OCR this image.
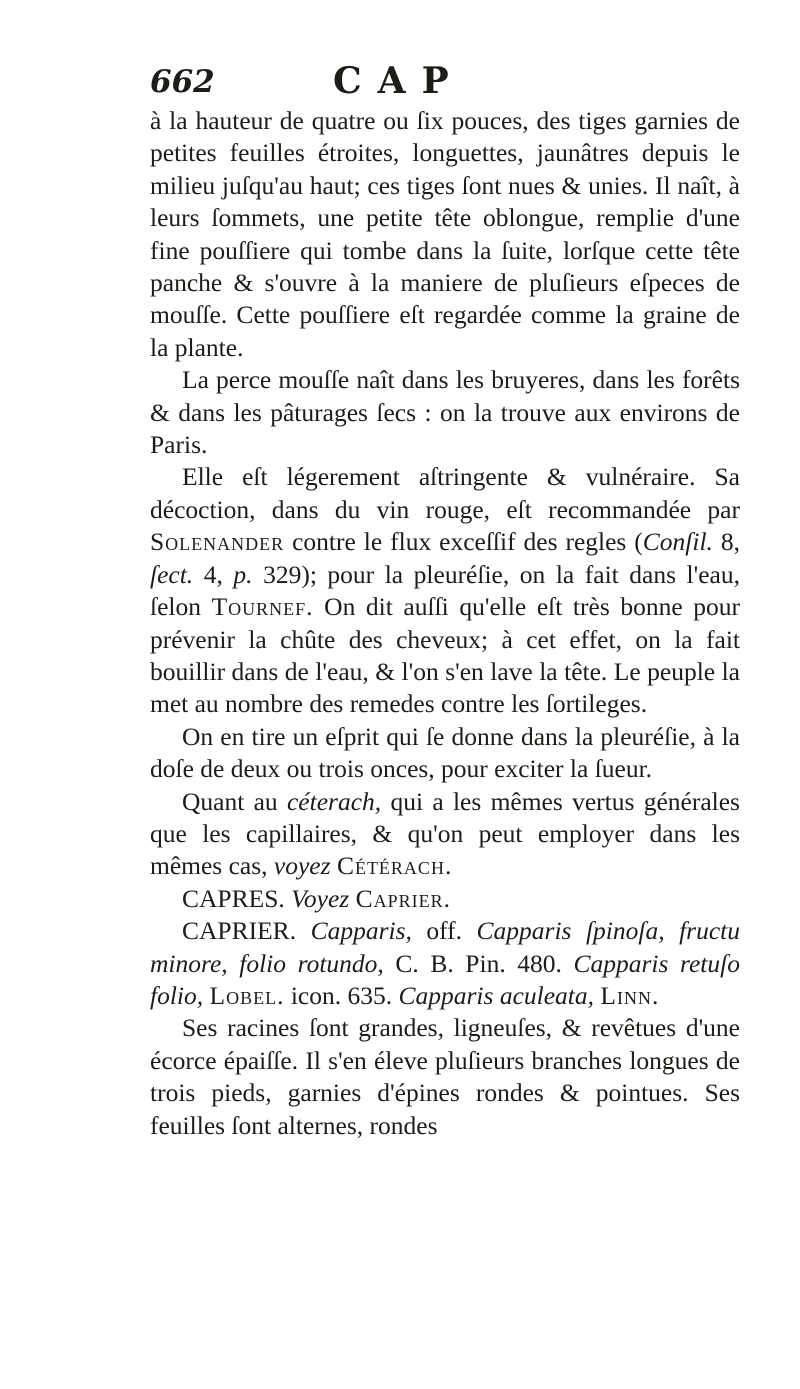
662	CAP

à la hauteur de quatre ou ſix pouces, des tiges garnies de petites feuilles étroites, longuettes, jaunâtres depuis le milieu juſqu'au haut; ces tiges ſont nues & unies. Il naît, à leurs ſommets, une petite tête oblongue, remplie d'une fine pouſſiere qui tombe dans la ſuite, lorſque cette tête panche & s'ouvre à la maniere de pluſieurs eſpeces de mouſſe. Cette pouſſiere eſt regardée comme la graine de la plante.

La perce mouſſe naît dans les bruyeres, dans les forêts & dans les pâturages ſecs : on la trouve aux environs de Paris.

Elle eſt légerement aſtringente & vulnéraire. Sa décoction, dans du vin rouge, eſt recommandée par Solenander contre le flux exceſſif des regles (Conſil. 8, ſect. 4, p. 329); pour la pleuréſie, on la fait dans l'eau, ſelon Tournef. On dit auſſi qu'elle eſt très bonne pour prévenir la chûte des cheveux; à cet effet, on la fait bouillir dans de l'eau, & l'on s'en lave la tête. Le peuple la met au nombre des remedes contre les ſortileges.

On en tire un eſprit qui ſe donne dans la pleuréſie, à la doſe de deux ou trois onces, pour exciter la ſueur.

Quant au céterach, qui a les mêmes vertus générales que les capillaires, & qu'on peut employer dans les mêmes cas, voyez Cétérach.

CAPRES. Voyez Caprier.

CAPRIER. Capparis, off. Capparis ſpinoſa, fructu minore, folio rotundo, C. B. Pin. 480. Capparis retuſo folio, Lobel. icon. 635. Capparis aculeata, Linn.

Ses racines ſont grandes, ligneuſes, & revêtues d'une écorce épaiſſe. Il s'en éleve pluſieurs branches longues de trois pieds, garnies d'épines rondes & pointues. Ses feuilles ſont alternes, rondes
